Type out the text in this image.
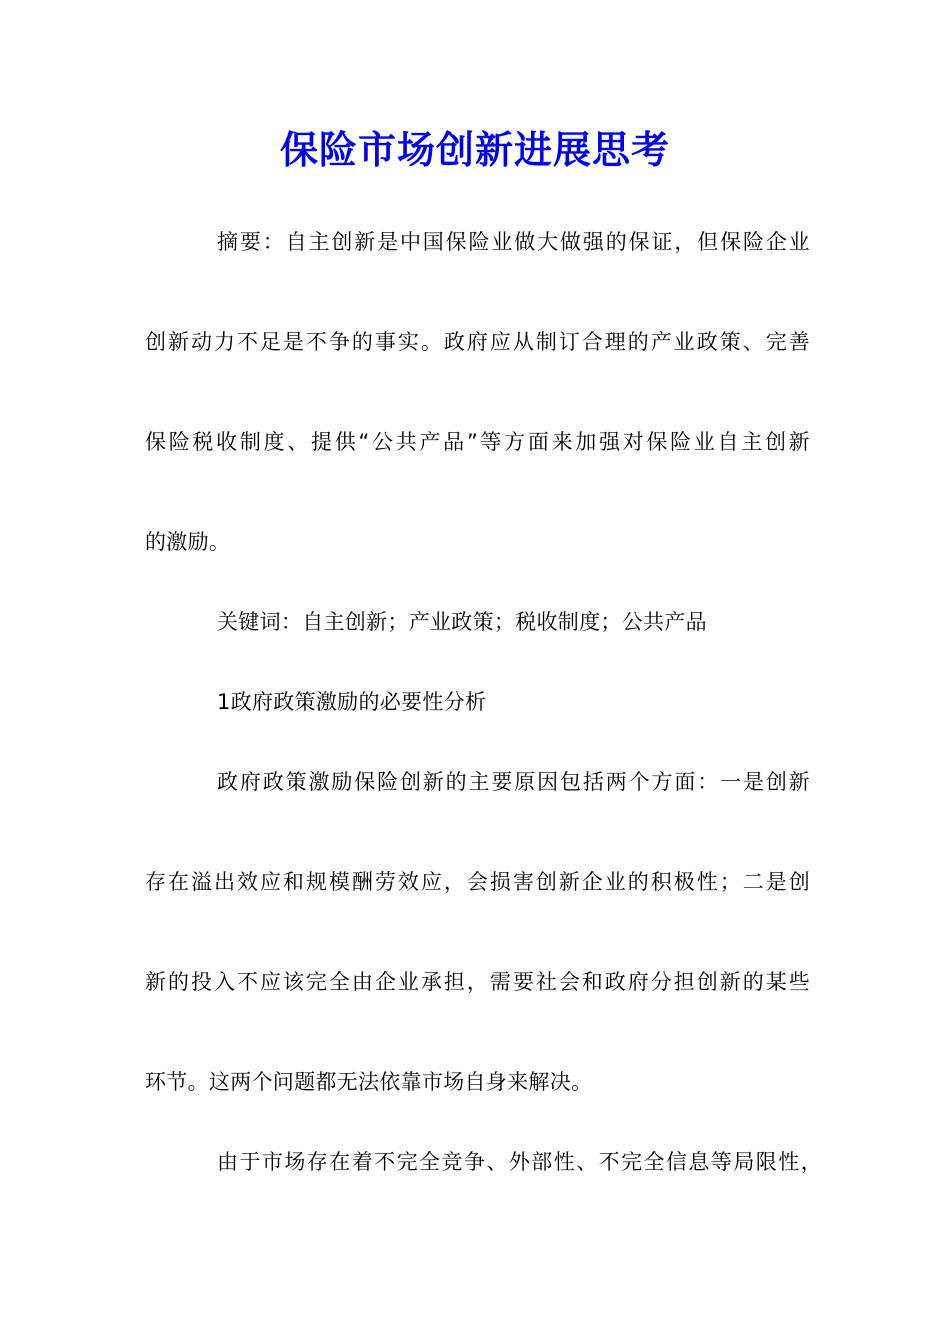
保险市场创新进展思考
摘要：自主创新是中国保险业做大做强的保证，但保险企业
创新动力不足是不争的事实。政府应从制订合理的产业政策、完善
保险税收制度、提供“公共产品”等方面来加强对保险业自主创新
的激励。
关键词：自主创新；产业政策；税收制度；公共产品
1政府政策激励的必要性分析
政府政策激励保险创新的主要原因包括两个方面：一是创新
存在溢出效应和规模酬劳效应，会损害创新企业的积极性；二是创
新的投入不应该完全由企业承担，需要社会和政府分担创新的某些
环节。这两个问题都无法依靠市场自身来解决。
由于市场存在着不完全竞争、外部性、不完全信息等局限性，
